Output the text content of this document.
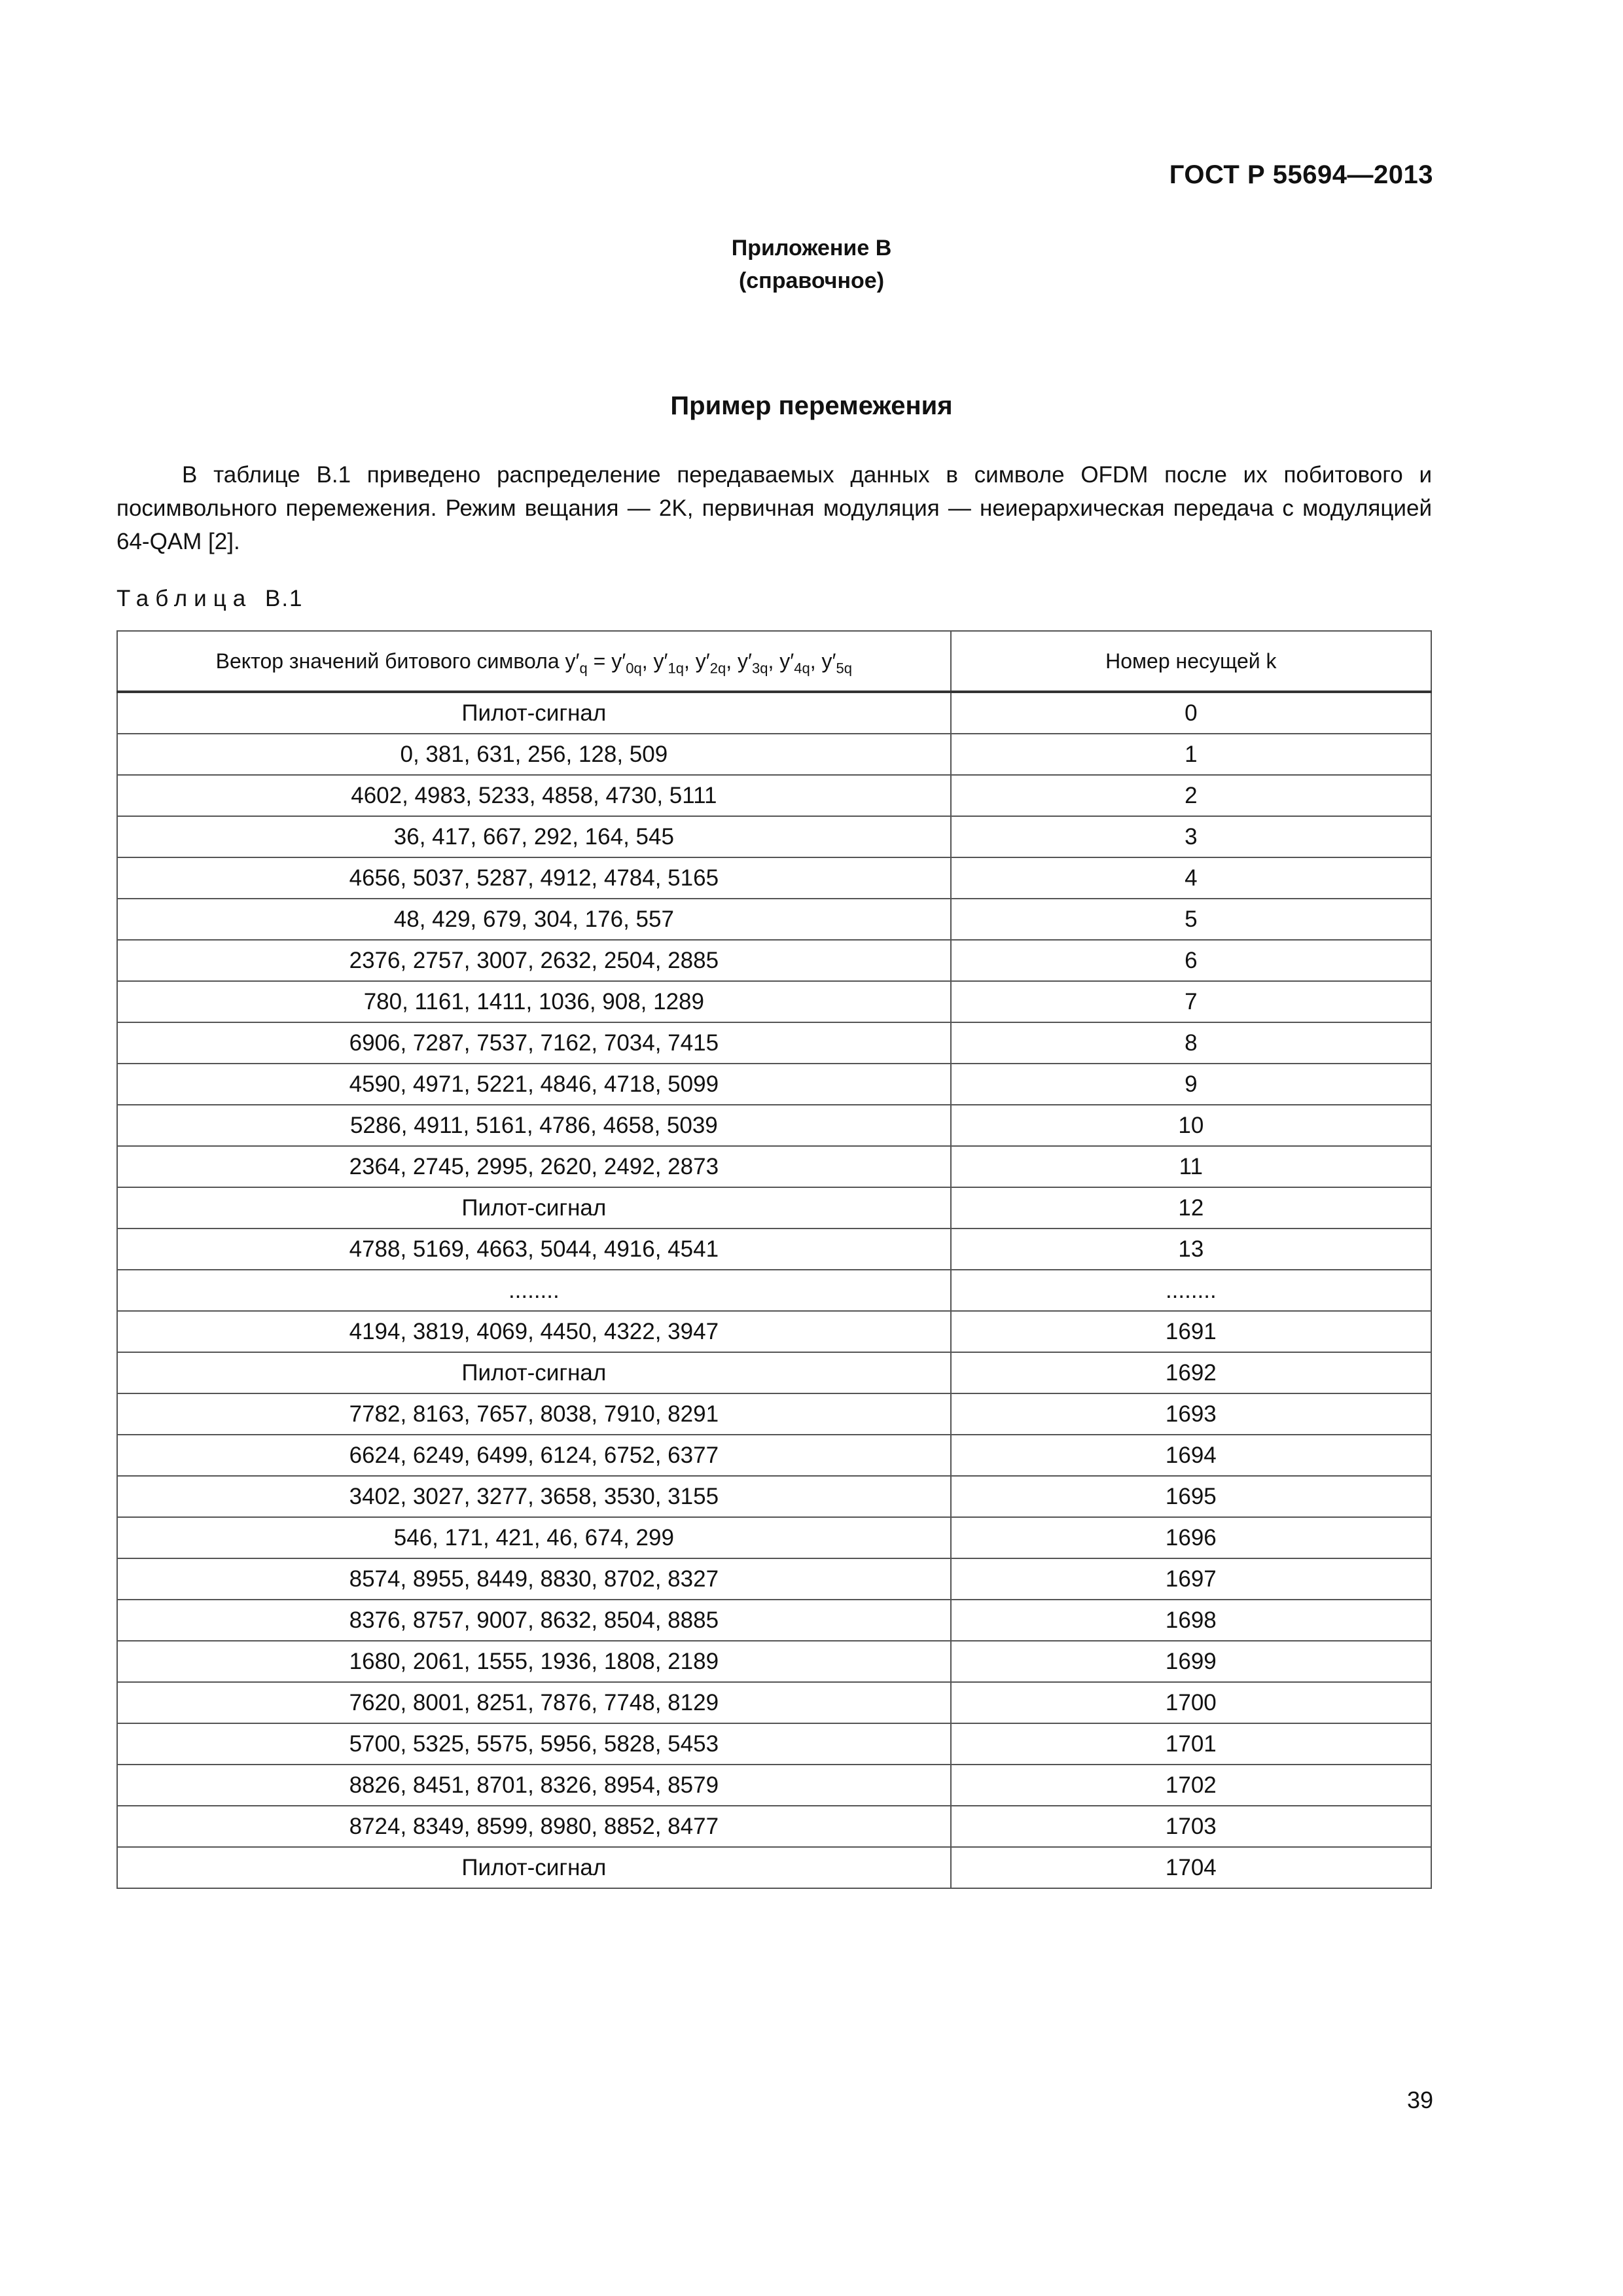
ГОСТ Р 55694—2013
Приложение В
(справочное)
Пример перемежения

В таблице В.1 приведено распределение передаваемых данных в символе OFDM после их побитового и посимвольного перемежения. Режим вещания — 2K, первичная модуляция — неиерархическая передача с модуляцией 64-QAM [2].

Таблица В.1
Вектор значений битового символа $y'_q = y'_{0q}$, $y'_{1q}$, $y'_{2q}$, $y'_{3q}$, $y'_{4q}$, $y'_{5q}$	Номер несущей k
Пилот-сигнал	0
0, 381, 631, 256, 128, 509	1
4602, 4983, 5233, 4858, 4730, 5111	2
36, 417, 667, 292, 164, 545	3
4656, 5037, 5287, 4912, 4784, 5165	4
48, 429, 679, 304, 176, 557	5
2376, 2757, 3007, 2632, 2504, 2885	6
780, 1161, 1411, 1036, 908, 1289	7
6906, 7287, 7537, 7162, 7034, 7415	8
4590, 4971, 5221, 4846, 4718, 5099	9
5286, 4911, 5161, 4786, 4658, 5039	10
2364, 2745, 2995, 2620, 2492, 2873	11
Пилот-сигнал	12
4788, 5169, 4663, 5044, 4916, 4541	13
........	........
4194, 3819, 4069, 4450, 4322, 3947	1691
Пилот-сигнал	1692
7782, 8163, 7657, 8038, 7910, 8291	1693
6624, 6249, 6499, 6124, 6752, 6377	1694
3402, 3027, 3277, 3658, 3530, 3155	1695
546, 171, 421, 46, 674, 299	1696
8574, 8955, 8449, 8830, 8702, 8327	1697
8376, 8757, 9007, 8632, 8504, 8885	1698
1680, 2061, 1555, 1936, 1808, 2189	1699
7620, 8001, 8251, 7876, 7748, 8129	1700
5700, 5325, 5575, 5956, 5828, 5453	1701
8826, 8451, 8701, 8326, 8954, 8579	1702
8724, 8349, 8599, 8980, 8852, 8477	1703
Пилот-сигнал	1704
39
